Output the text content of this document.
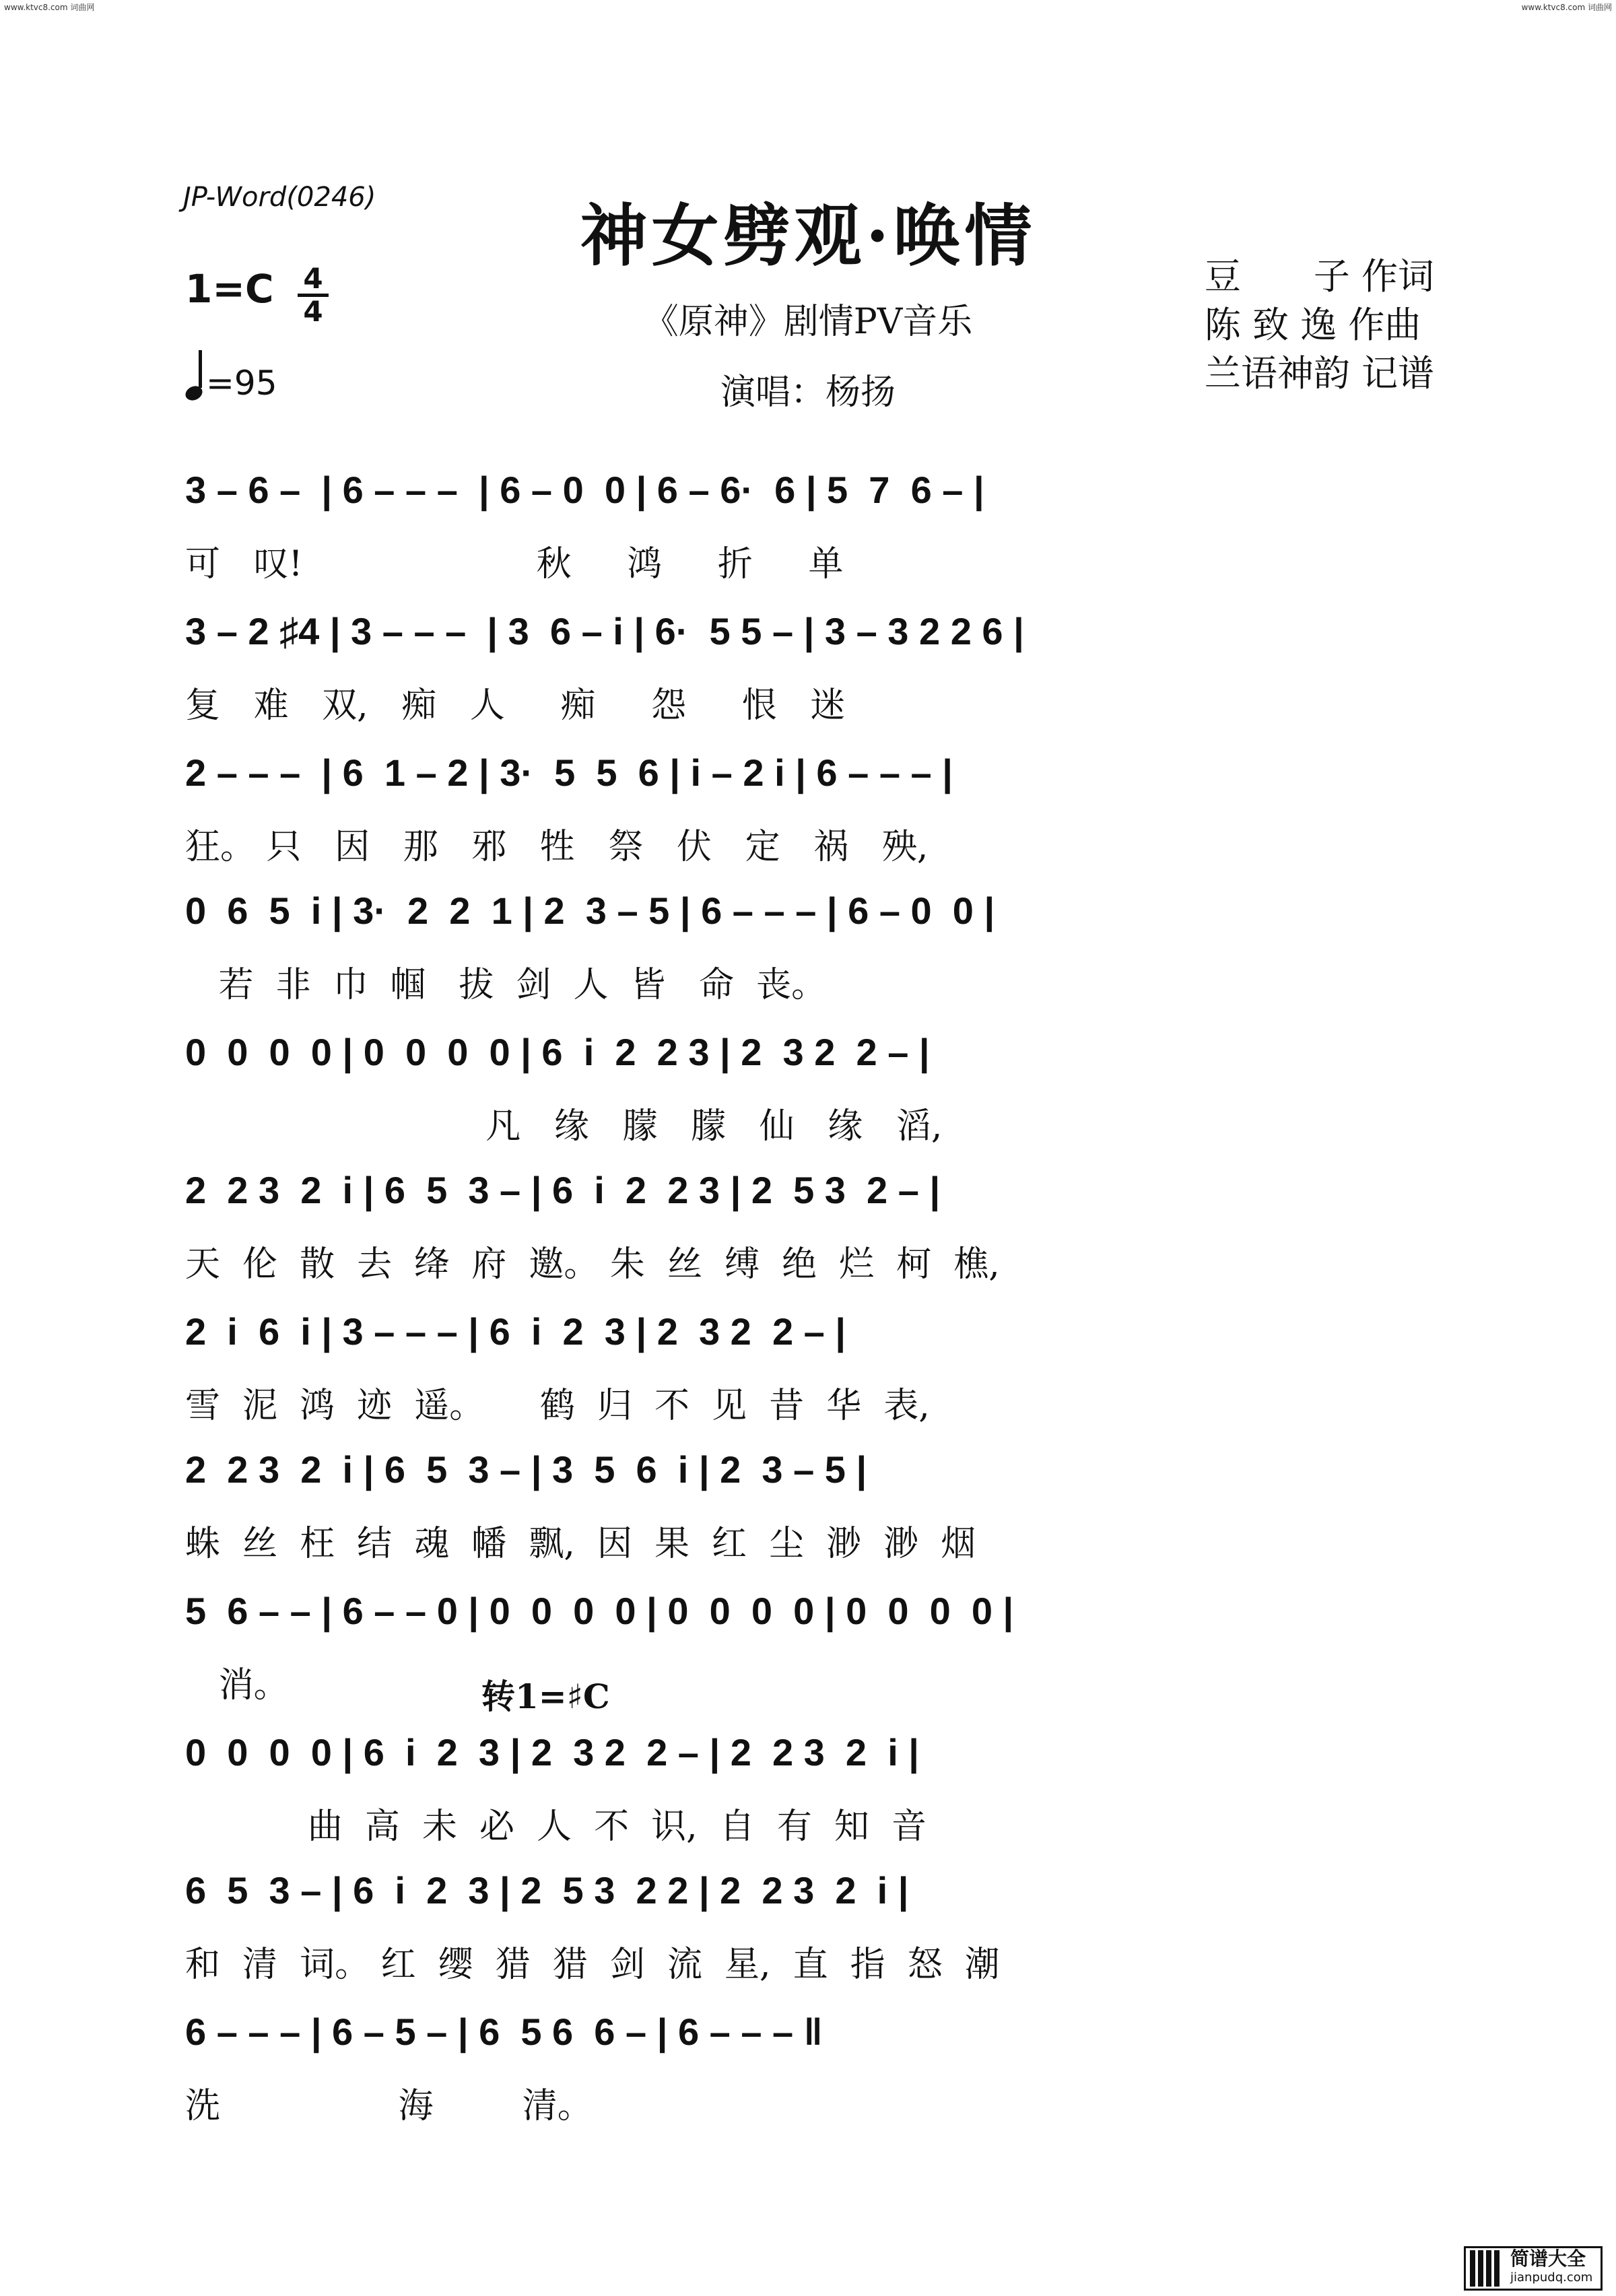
www.ktvc8.com 词曲网	www.ktvc8.com 词曲网
JP-Word(0246)	神女劈观·唤情
1=C 4
4
=95
《原神》剧情PV音乐
演唱：杨扬
豆　　子 作词
陈 致 逸 作曲
兰语神韵 记谱
转1=♯C
3 – 6 –  | 6 – – –  | 6 – 0  0 | 6 – 6·  6 | 5  7  6 – |
可   叹!                     秋     鸿     折     单
3 – 2 ♯4 | 3 – – –  | 3  6 – i | 6·  5 5 – | 3 – 3 2 2 6 |
复   难   双,   痴   人     痴     怨     恨   迷
2 – – –  | 6  1 – 2 | 3·  5  5  6 | i – 2 i | 6 – – – |
狂。 只   因   那   邪   牲   祭   伏   定   祸   殃,
0  6  5  i | 3·  2  2  1 | 2  3 – 5 | 6 – – – | 6 – 0  0 |
若  非  巾  帼   拔  剑  人  皆   命  丧。
0  0  0  0 | 0  0  0  0 | 6  i  2  2 3 | 2  3 2  2 – |
凡   缘   朦   朦   仙   缘   滔,
2  2 3  2  i | 6  5  3 – | 6  i  2  2 3 | 2  5 3  2 – |
天  伦  散  去  绛  府  邀。 朱  丝  缚  绝  烂  柯  樵,
2  i  6  i | 3 – – – | 6  i  2  3 | 2  3 2  2 – |
雪  泥  鸿  迹  遥。     鹤  归  不  见  昔  华  表,
2  2 3  2  i | 6  5  3 – | 3  5  6  i | 2  3 – 5 |
蛛  丝  枉  结  魂  幡  飘,  因  果  红  尘  渺  渺  烟
5  6 – – | 6 – – 0 | 0  0  0  0 | 0  0  0  0 | 0  0  0  0 |
消。
0  0  0  0 | 6  i  2  3 | 2  3 2  2 – | 2  2 3  2  i |
曲  高  未  必  人  不  识,  自  有  知  音
6  5  3 – | 6  i  2  3 | 2  5 3  2 2 | 2  2 3  2  i |
和  清  词。 红  缨  猎  猎  剑  流  星,  直  指  怒  潮
6 – – – | 6 – 5 – | 6  5 6  6 – | 6 – – – ‖
洗                海        清。
简谱大全
jianpudq.com
